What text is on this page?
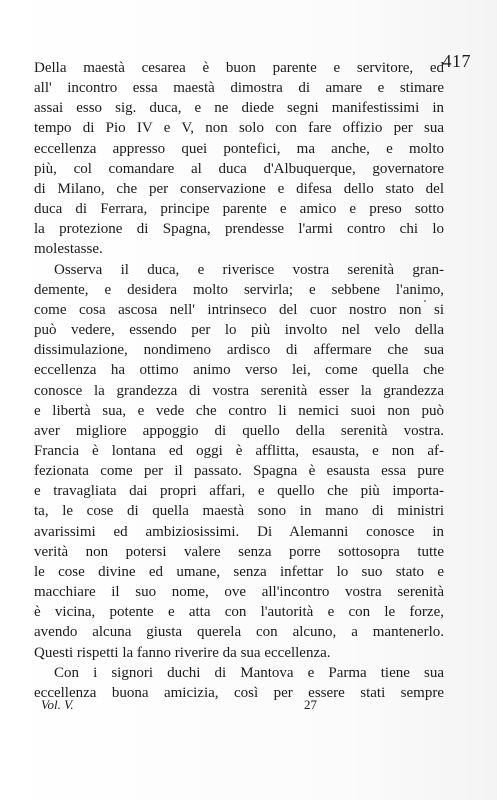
417
Della maestà cesarea è buon parente e servitore, ed
all' incontro essa maestà dimostra di amare e stimare
assai esso sig. duca, e ne diede segni manifestissimi in
tempo di Pio IV e V, non solo con fare offizio per sua
eccellenza appresso quei pontefici, ma anche, e molto
più, col comandare al duca d'Albuquerque, governatore
di Milano, che per conservazione e difesa dello stato del
duca di Ferrara, principe parente e amico e preso sotto
la protezione di Spagna, prendesse l'armi contro chi lo
molestasse.
Osserva il duca, e riverisce vostra serenità gran-
demente, e desidera molto servirla; e sebbene l'animo,
come cosa ascosa nell' intrinseco del cuor nostro non si
può vedere, essendo per lo più involto nel velo della
dissimulazione, nondimeno ardisco di affermare che sua
eccellenza ha ottimo animo verso lei, come quella che
conosce la grandezza di vostra serenità esser la grandezza
e libertà sua, e vede che contro li nemici suoi non può
aver migliore appoggio di quello della serenità vostra.
Francia è lontana ed oggi è afflitta, esausta, e non af-
fezionata come per il passato. Spagna è esausta essa pure
e travagliata dai propri affari, e quello che più importa-
ta, le cose di quella maestà sono in mano di ministri
avarissimi ed ambiziosissimi. Di Alemanni conosce in
verità non potersi valere senza porre sottosopra tutte
le cose divine ed umane, senza infettar lo suo stato e
macchiare il suo nome, ove all'incontro vostra serenità
è vicina, potente e atta con l'autorità e con le forze,
avendo alcuna giusta querela con alcuno, a mantenerlo.
Questi rispetti la fanno riverire da sua eccellenza.
Con i signori duchi di Mantova e Parma tiene sua
eccellenza buona amicizia, così per essere stati sempre
Vol. V.	27
